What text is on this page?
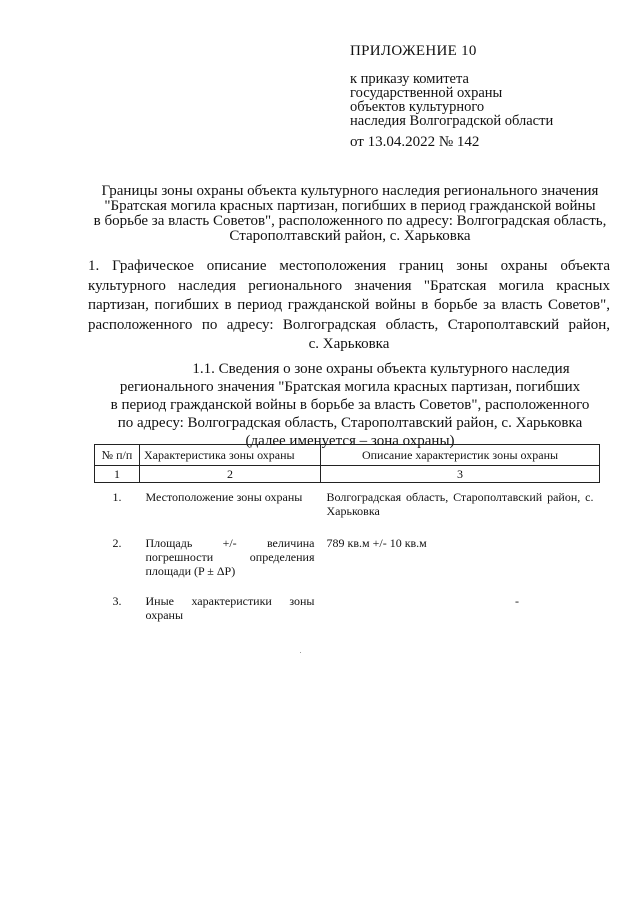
ПРИЛОЖЕНИЕ 10
к приказу комитета
государственной охраны
объектов культурного
наследия Волгоградской области
от 13.04.2022 № 142
Границы зоны охраны объекта культурного наследия регионального значения
"Братская могила красных партизан, погибших в период гражданской войны
в борьбе за власть Советов", расположенного по адресу: Волгоградская область,
Старополтавский район, с. Харьковка
1. Графическое описание местоположения границ зоны охраны объекта
культурного наследия регионального значения "Братская могила красных
партизан, погибших в период гражданской войны в борьбе за власть Советов",
расположенного по адресу: Волгоградская область, Старополтавский район,
с. Харьковка
1.1. Сведения о зоне охраны объекта культурного наследия
регионального значения "Братская могила красных партизан, погибших
в период гражданской войны в борьбе за власть Советов", расположенного
по адресу: Волгоградская область, Старополтавский район, с. Харьковка
(далее именуется – зона охраны)
№ п/п	Характеристика зоны охраны	Описание характеристик зоны охраны
1	2	3
1.	Местоположение зоны охраны	Волгоградская область, Старополтавский район, с. Харьковка
2.	Площадь +/- величина погрешности определения площади (P ± ΔP)	789 кв.м +/- 10 кв.м
3.	Иные характеристики зоны охраны	-
